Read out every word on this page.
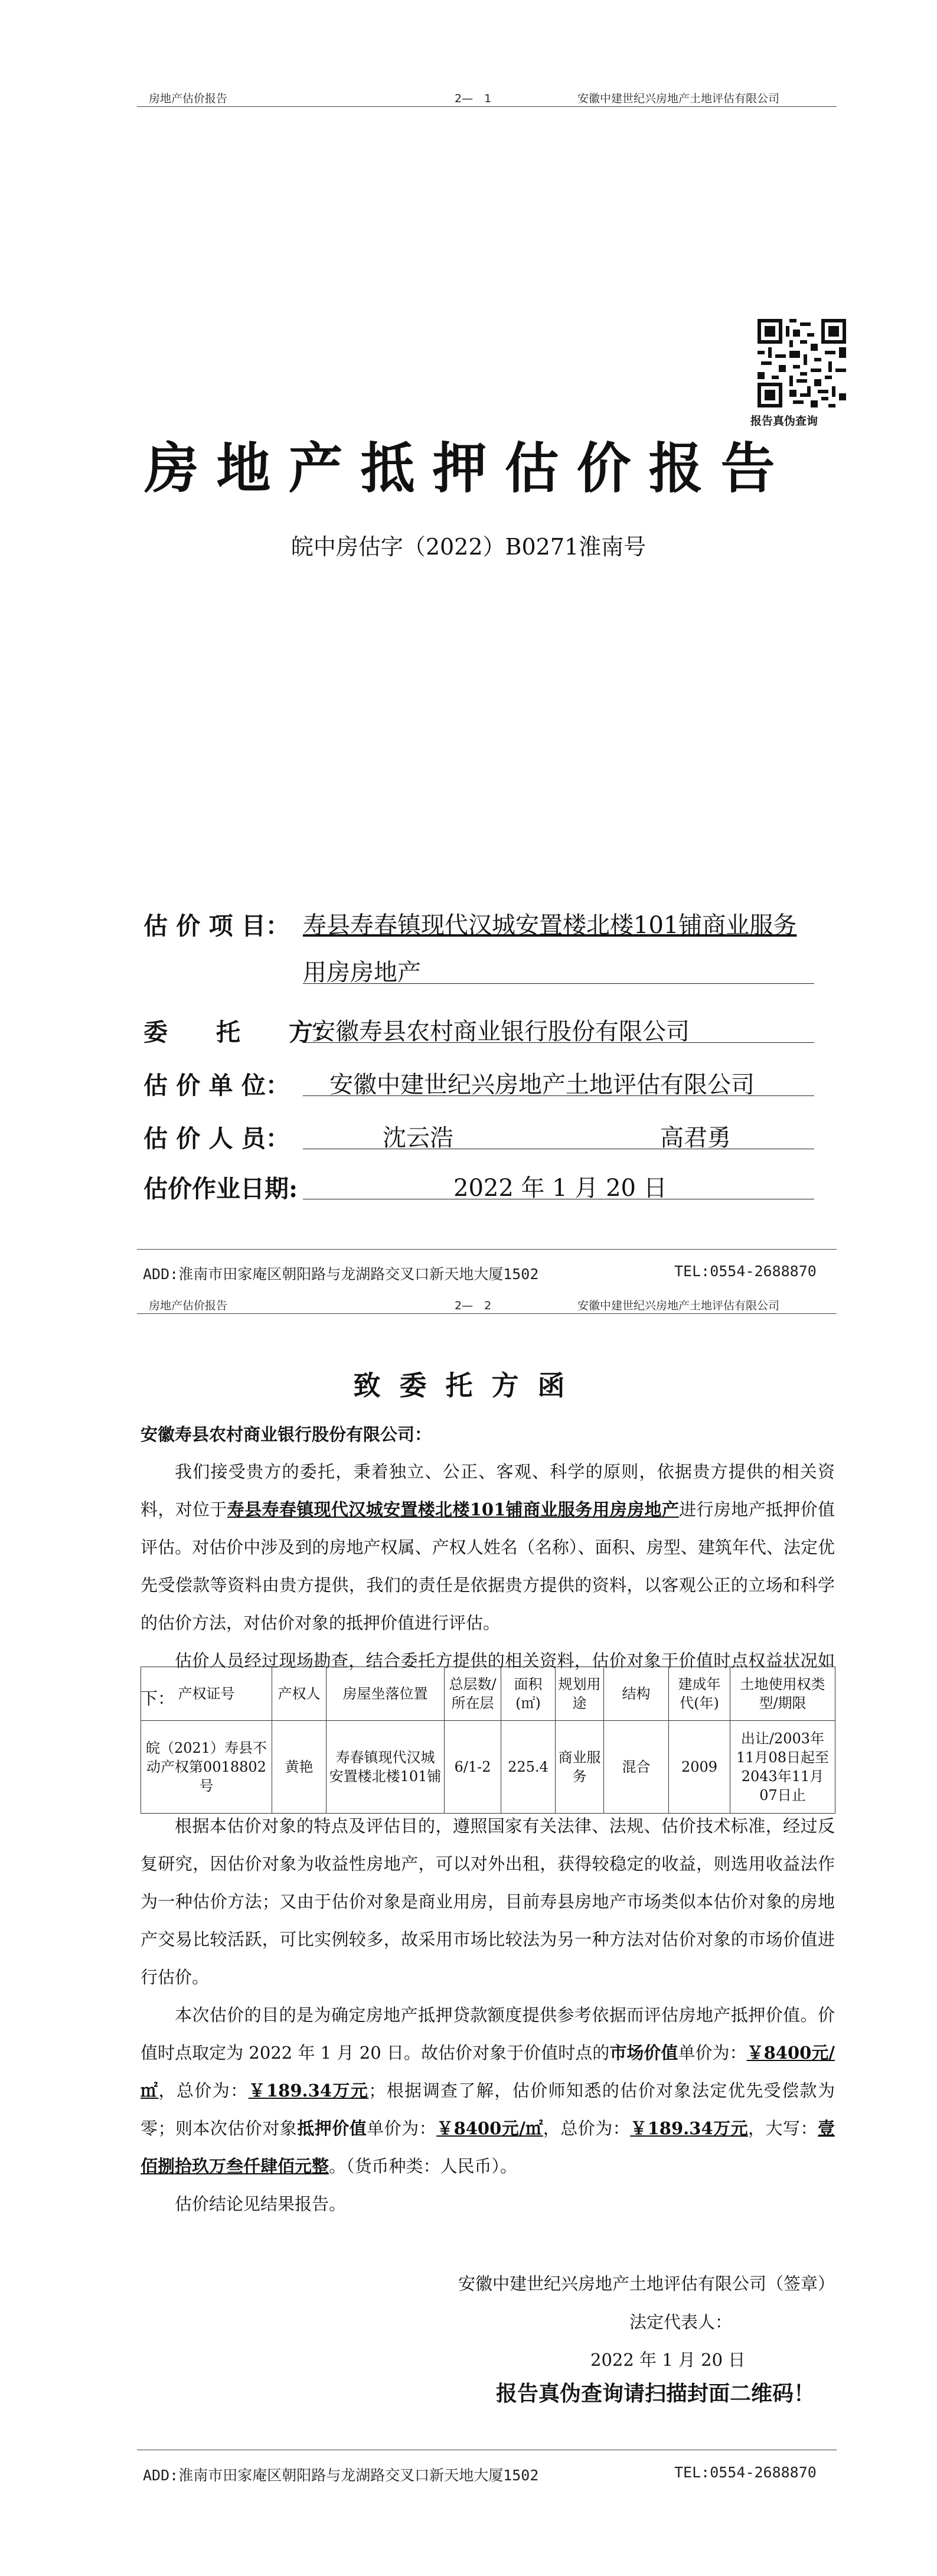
房地产估价报告	2—　1	安徽中建世纪兴房地产土地评估有限公司
报告真伪查询
房地产抵押估价报告
皖中房估字（2022）B0271淮南号
估 价 项 目： 寿县寿春镇现代汉城安置楼北楼101铺商业服务
用房房地产
委　　托　　方：
安徽寿县农村商业银行股份有限公司
估 价 单 位： 安徽中建世纪兴房地产土地评估有限公司
估 价 人 员：	沈云浩	高君勇
估价作业日期:	2022 年 1 月 20 日
ADD:淮南市田家庵区朝阳路与龙湖路交叉口新天地大厦1502	TEL:0554-2688870
房地产估价报告	2—　2	安徽中建世纪兴房地产土地评估有限公司
致委托方函
安徽寿县农村商业银行股份有限公司：

我们接受贵方的委托，秉着独立、公正、客观、科学的原则，依据贵方提供的相关资料，对位于寿县寿春镇现代汉城安置楼北楼101铺商业服务用房房地产进行房地产抵押价值评估。对估价中涉及到的房地产权属、产权人姓名（名称）、面积、房型、建筑年代、法定优先受偿款等资料由贵方提供，我们的责任是依据贵方提供的资料，以客观公正的立场和科学的估价方法，对估价对象的抵押价值进行评估。

估价人员经过现场勘查，结合委托方提供的相关资料，估价对象于价值时点权益状况如下： 产权证号	产权人	房屋坐落位置	总层数/所在层	面积(㎡)	规划用途	结构	建成年代(年)	土地使用权类型/期限
皖（2021）寿县不动产权第0018802号	黄艳	寿春镇现代汉城安置楼北楼101铺	6/1-2	225.4	商业服务	混合	2009	出让/2003年11月08日起至2043年11月07日止

根据本估价对象的特点及评估目的，遵照国家有关法律、法规、估价技术标准，经过反复研究，因估价对象为收益性房地产，可以对外出租，获得较稳定的收益，则选用收益法作为一种估价方法；又由于估价对象是商业用房，目前寿县房地产市场类似本估价对象的房地产交易比较活跃，可比实例较多，故采用市场比较法为另一种方法对估价对象的市场价值进行估价。

本次估价的目的是为确定房地产抵押贷款额度提供参考依据而评估房地产抵押价值。价值时点取定为 2022 年 1 月 20 日。故估价对象于价值时点的市场价值单价为：￥8400元/㎡，总价为：￥189.34万元；根据调查了解，估价师知悉的估价对象法定优先受偿款为零；则本次估价对象抵押价值单价为：￥8400元/㎡，总价为：￥189.34万元，大写：壹佰捌拾玖万叁仟肆佰元整。（货币种类：人民币）。

估价结论见结果报告。

安徽中建世纪兴房地产土地评估有限公司（签章）
法定代表人：
2022 年 1 月 20 日
报告真伪查询请扫描封面二维码！
ADD:淮南市田家庵区朝阳路与龙湖路交叉口新天地大厦1502	TEL:0554-2688870
